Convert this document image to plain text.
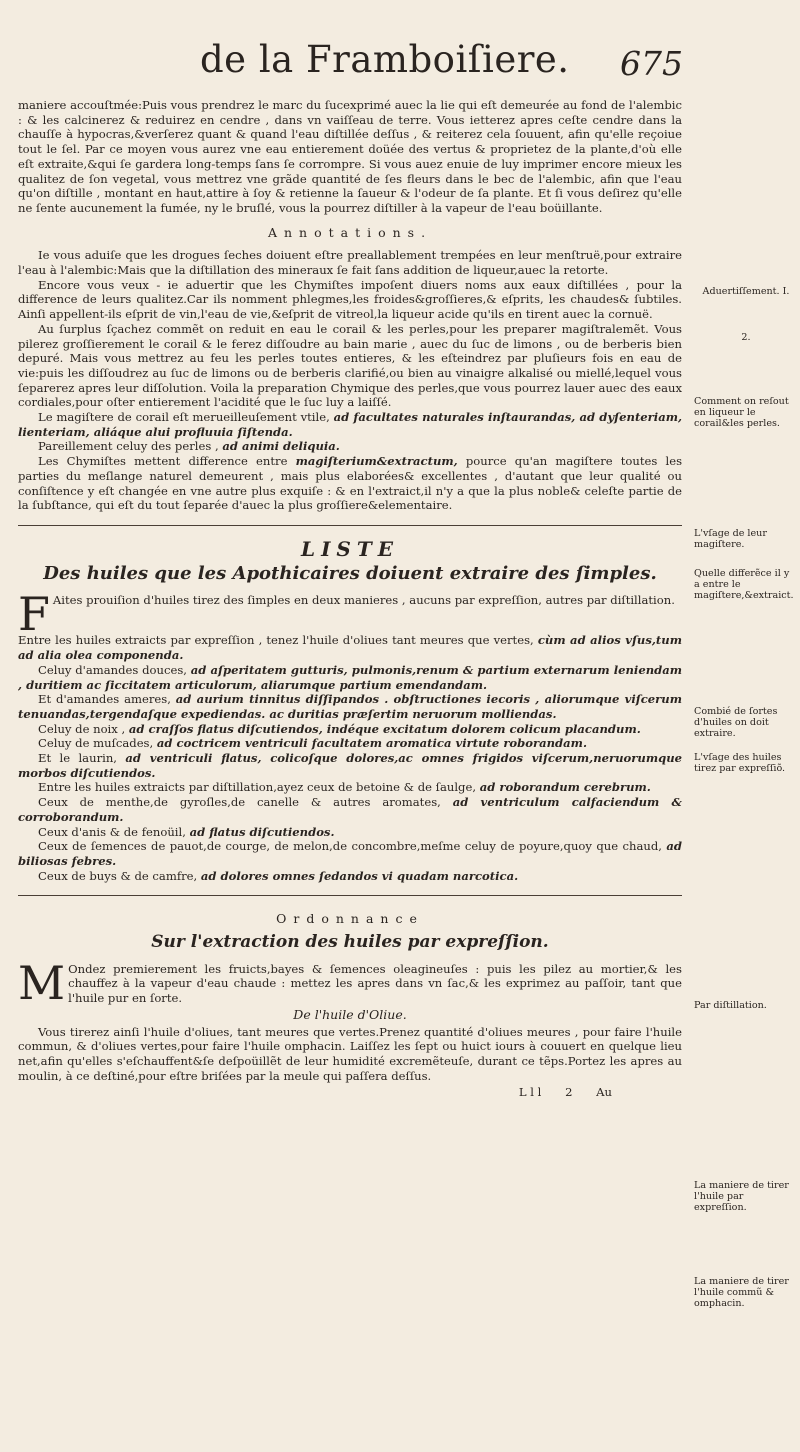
de la Framboiſiere. 675

maniere accouſtmée:Puis vous prendrez le marc du ſucexprimé auec la lie qui eſt demeurée au fond de l'alembic : & les calcinerez & reduirez en cendre , dans vn vaiſſeau de terre. Vous ietterez apres ceſte cendre dans la chauſſe à hypocras,&verſerez quant & quand l'eau diſtillée deſſus , & reiterez cela ſouuent, afin qu'elle reçoiue tout le ſel. Par ce moyen vous aurez vne eau entierement doüée des vertus & proprietez de la plante,d'où elle eſt extraite,&qui ſe gardera long-temps ſans ſe corrompre. Si vous auez enuie de luy imprimer encore mieux les qualitez de ſon vegetal, vous mettrez vne grãde quantité de ſes fleurs dans le bec de l'alembic, afin que l'eau qu'on diſtille , montant en haut,attire à ſoy & retienne la ſaueur & l'odeur de ſa plante. Et ſi vous deſirez qu'elle ne ſente aucunement la fumée, ny le bruſlé, vous la pourrez diſtiller à la vapeur de l'eau boüillante.

Annotations.

Ie vous aduiſe que les drogues ſeches doiuent eſtre preallablement trempées en leur menſtruë,pour extraire l'eau à l'alembic:Mais que la diſtillation des mineraux ſe fait ſans addition de liqueur,auec la retorte.

Encore vous veux - ie aduertir que les Chymiſtes impoſent diuers noms aux eaux diſtillées , pour la difference de leurs qualitez.Car ils nomment phlegmes,les froides&groſſieres,& eſprits, les chaudes& ſubtiles. Ainſi appellent-ils eſprit de vin,l'eau de vie,&eſprit de vitreol,la liqueur acide qu'ils en tirent auec la cornuë.

Au ſurplus ſçachez commẽt on reduit en eau le corail & les perles,pour les preparer magiſtralemẽt. Vous pilerez groſſierement le corail & le ferez diſſoudre au bain marie , auec du ſuc de limons , ou de berberis bien depuré. Mais vous mettrez au feu les perles toutes entieres, & les eſteindrez par pluſieurs fois en eau de vie:puis les diſſoudrez au ſuc de limons ou de berberis clarifié,ou bien au vinaigre alkalisé ou miellé,lequel vous ſeparerez apres leur diſſolution. Voila la preparation Chymique des perles,que vous pourrez lauer auec des eaux cordiales,pour oſter entierement l'acidité que le ſuc luy a laiſſé.

Le magiſtere de corail eſt merueilleuſement vtile, ad facultates naturales inſtaurandas, ad dyſenteriam, lienteriam, aliáque alui profluuia ſiſtenda.

Pareillement celuy des perles , ad animi deliquia.

Les Chymiſtes mettent difference entre magiſterium&extractum, pource qu'an magiſtere toutes les parties du meſlange naturel demeurent , mais plus elaborées& excellentes , d'autant que leur qualité ou conſiſtence y eſt changée en vne autre plus exquiſe : & en l'extraict,il n'y a que la plus noble& celeſte partie de la ſubſtance, qui eſt du tout ſeparée d'auec la plus groſſiere&elementaire.

LISTE
Des huiles que les Apothicaires doiuent extraire des ſimples.

F Aites prouiſion d'huiles tirez des ſimples en deux manieres , aucuns par expreſſion, autres par diſtillation.

Entre les huiles extraicts par expreſſion , tenez l'huile d'oliues tant meures que vertes, cùm ad alios vſus,tum ad alia olea componenda.

Celuy d'amandes douces, ad aſperitatem gutturis, pulmonis,renum & partium externarum leniendam , duritiem ac ſiccitatem articulorum, aliarumque partium emendandam.

Et d'amandes ameres, ad aurium tinnitus diſſipandos . obſtructiones iecoris , aliorumque viſcerum tenuandas,tergendaſque expediendas. ac duritias præſertim neruorum molliendas.

Celuy de noix , ad craſſos flatus diſcutiendos, indéque excitatum dolorem colicum placandum.

Celuy de muſcades, ad coctricem ventriculi facultatem aromatica virtute roborandam.

Et le laurin, ad ventriculi flatus, colicoſque dolores,ac omnes frigidos viſcerum,neruorumque morbos diſcutiendos.

Entre les huiles extraicts par diſtillation,ayez ceux de betoine & de ſaulge, ad roborandum cerebrum.

Ceux de menthe,de gyroſles,de canelle & autres aromates, ad ventriculum calfaciendum & corroborandum.

Ceux d'anis & de fenoüil, ad flatus diſcutiendos.

Ceux de ſemences de pauot,de courge, de melon,de concombre,meſme celuy de poyure,quoy que chaud, ad biliosas febres.

Ceux de buys & de camfre, ad dolores omnes ſedandos vi quadam narcotica.

Ordonnance
Sur l'extraction des huiles par expreſſion.

M Ondez premierement les fruicts,bayes & ſemences oleagineuſes : puis les pilez au mortier,& les chauffez à la vapeur d'eau chaude : mettez les apres dans vn ſac,& les exprimez au paſſoir, tant que l'huile pur en ſorte.

De l'huile d'Oliue.

Vous tirerez ainſi l'huile d'oliues, tant meures que vertes.Prenez quantité d'oliues meures , pour faire l'huile commun, & d'oliues vertes,pour faire l'huile omphacin. Laiſſez les ſept ou huict iours à couuert en quelque lieu net,afin qu'elles s'eſchauffent&ſe deſpoüillẽt de leur humidité excremẽteuſe, durant ce tẽps.Portez les apres au moulin, à ce deſtiné,pour eſtre briſées par la meule qui paſſera deſſus.

L l l 2 Au
Aduertiſſement. I.
2.
Comment on reſout en liqueur le corail&les perles.
L'vſage de leur magiſtere.
Quelle differẽce il y a entre le magiſtere,&extraict.
Combié de ſortes d'huiles on doit extraire.
L'vſage des huiles tirez par expreſſiõ.
Par diſtillation.
La maniere de tirer l'huile par expreſſion.
La maniere de tirer l'huile commũ & omphacin.
